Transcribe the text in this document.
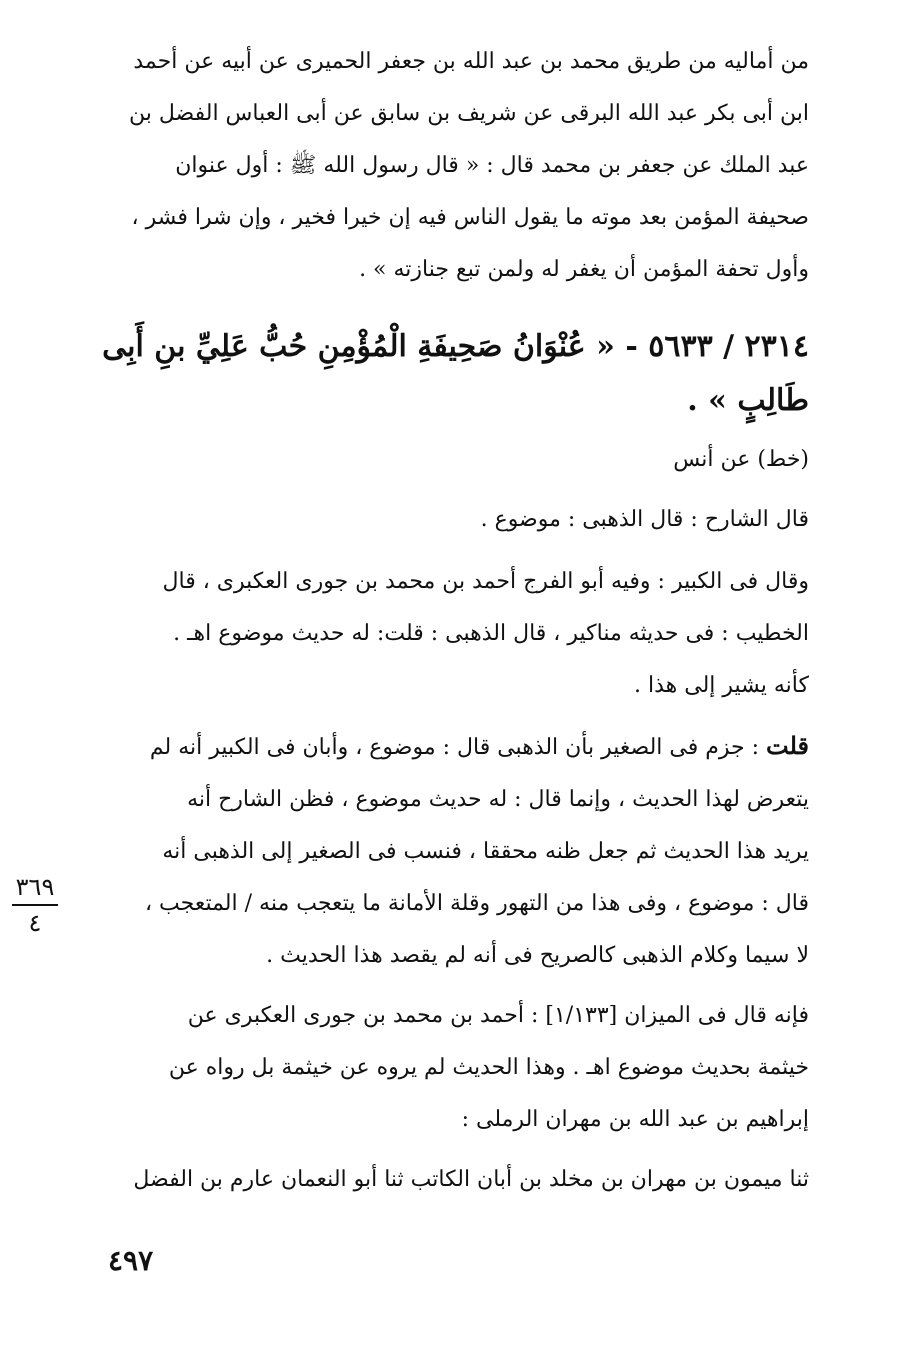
من أماليه من طريق محمد بن عبد الله بن جعفر الحميرى عن أبيه عن أحمد
ابن أبى بكر عبد الله البرقى عن شريف بن سابق عن أبى العباس الفضل بن
عبد الملك عن جعفر بن محمد قال : « قال رسول الله ﷺ : أول عنوان
صحيفة المؤمن بعد موته ما يقول الناس فيه إن خيرا فخير ، وإن شرا فشر ،
وأول تحفة المؤمن أن يغفر له ولمن تبع جنازته » .

٢٣١٤ / ٥٦٣٣ - « عُنْوَانُ صَحِيفَةِ الْمُؤْمِنِ حُبُّ عَلِيِّ بنِ أَبِى
طَالِبٍ » .

(خط) عن أنس

قال الشارح : قال الذهبى : موضوع .

وقال فى الكبير : وفيه أبو الفرج أحمد بن محمد بن جورى العكبرى ، قال
الخطيب : فى حديثه مناكير ، قال الذهبى : قلت: له حديث موضوع اهـ .
كأنه يشير إلى هذا .

قلت : جزم فى الصغير بأن الذهبى قال : موضوع ، وأبان فى الكبير أنه لم
يتعرض لهذا الحديث ، وإنما قال : له حديث موضوع ، فظن الشارح أنه
يريد هذا الحديث ثم جعل ظنه محققا ، فنسب فى الصغير إلى الذهبى أنه
قال : موضوع ، وفى هذا من التهور وقلة الأمانة ما يتعجب منه / المتعجب ،
لا سيما وكلام الذهبى كالصريح فى أنه لم يقصد هذا الحديث .

فإنه قال فى الميزان [١/١٣٣] : أحمد بن محمد بن جورى العكبرى عن
خيثمة بحديث موضوع اهـ . وهذا الحديث لم يروه عن خيثمة بل رواه عن
إبراهيم بن عبد الله بن مهران الرملى :

ثنا ميمون بن مهران بن مخلد بن أبان الكاتب ثنا أبو النعمان عارم بن الفضل

٣٦٩
٤
٤٩٧
